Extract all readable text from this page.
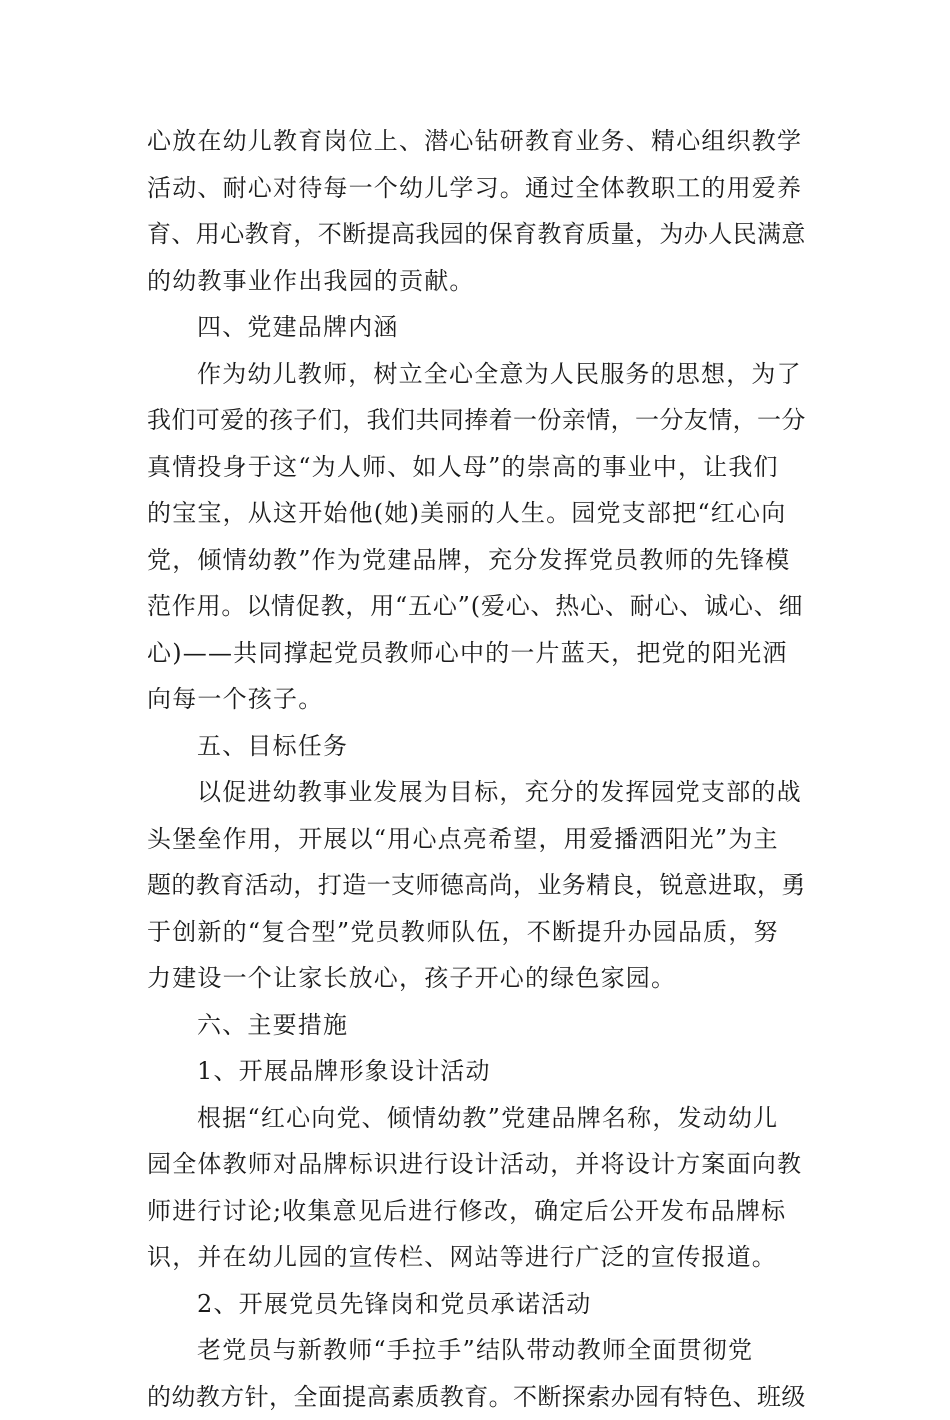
心放在幼儿教育岗位上、潜心钻研教育业务、精心组织教学
活动、耐心对待每一个幼儿学习。通过全体教职工的用爱养
育、用心教育，不断提高我园的保育教育质量，为办人民满意
的幼教事业作出我园的贡献。
四、党建品牌内涵
作为幼儿教师，树立全心全意为人民服务的思想，为了
我们可爱的孩子们，我们共同捧着一份亲情，一分友情，一分
真情投身于这“为人师、如人母”的崇高的事业中，让我们
的宝宝，从这开始他(她)美丽的人生。园党支部把“红心向
党，倾情幼教”作为党建品牌，充分发挥党员教师的先锋模
范作用。以情促教，用“五心”(爱心、热心、耐心、诚心、细
心)——共同撑起党员教师心中的一片蓝天，把党的阳光洒
向每一个孩子。
五、目标任务
以促进幼教事业发展为目标，充分的发挥园党支部的战
头堡垒作用，开展以“用心点亮希望，用爱播洒阳光”为主
题的教育活动，打造一支师德高尚，业务精良，锐意进取，勇
于创新的“复合型”党员教师队伍，不断提升办园品质，努
力建设一个让家长放心，孩子开心的绿色家园。
六、主要措施
1、开展品牌形象设计活动
根据“红心向党、倾情幼教”党建品牌名称，发动幼儿
园全体教师对品牌标识进行设计活动，并将设计方案面向教
师进行讨论;收集意见后进行修改，确定后公开发布品牌标
识，并在幼儿园的宣传栏、网站等进行广泛的宣传报道。
2、开展党员先锋岗和党员承诺活动
老党员与新教师“手拉手”结队带动教师全面贯彻党
的幼教方针，全面提高素质教育。不断探索办园有特色、班级
